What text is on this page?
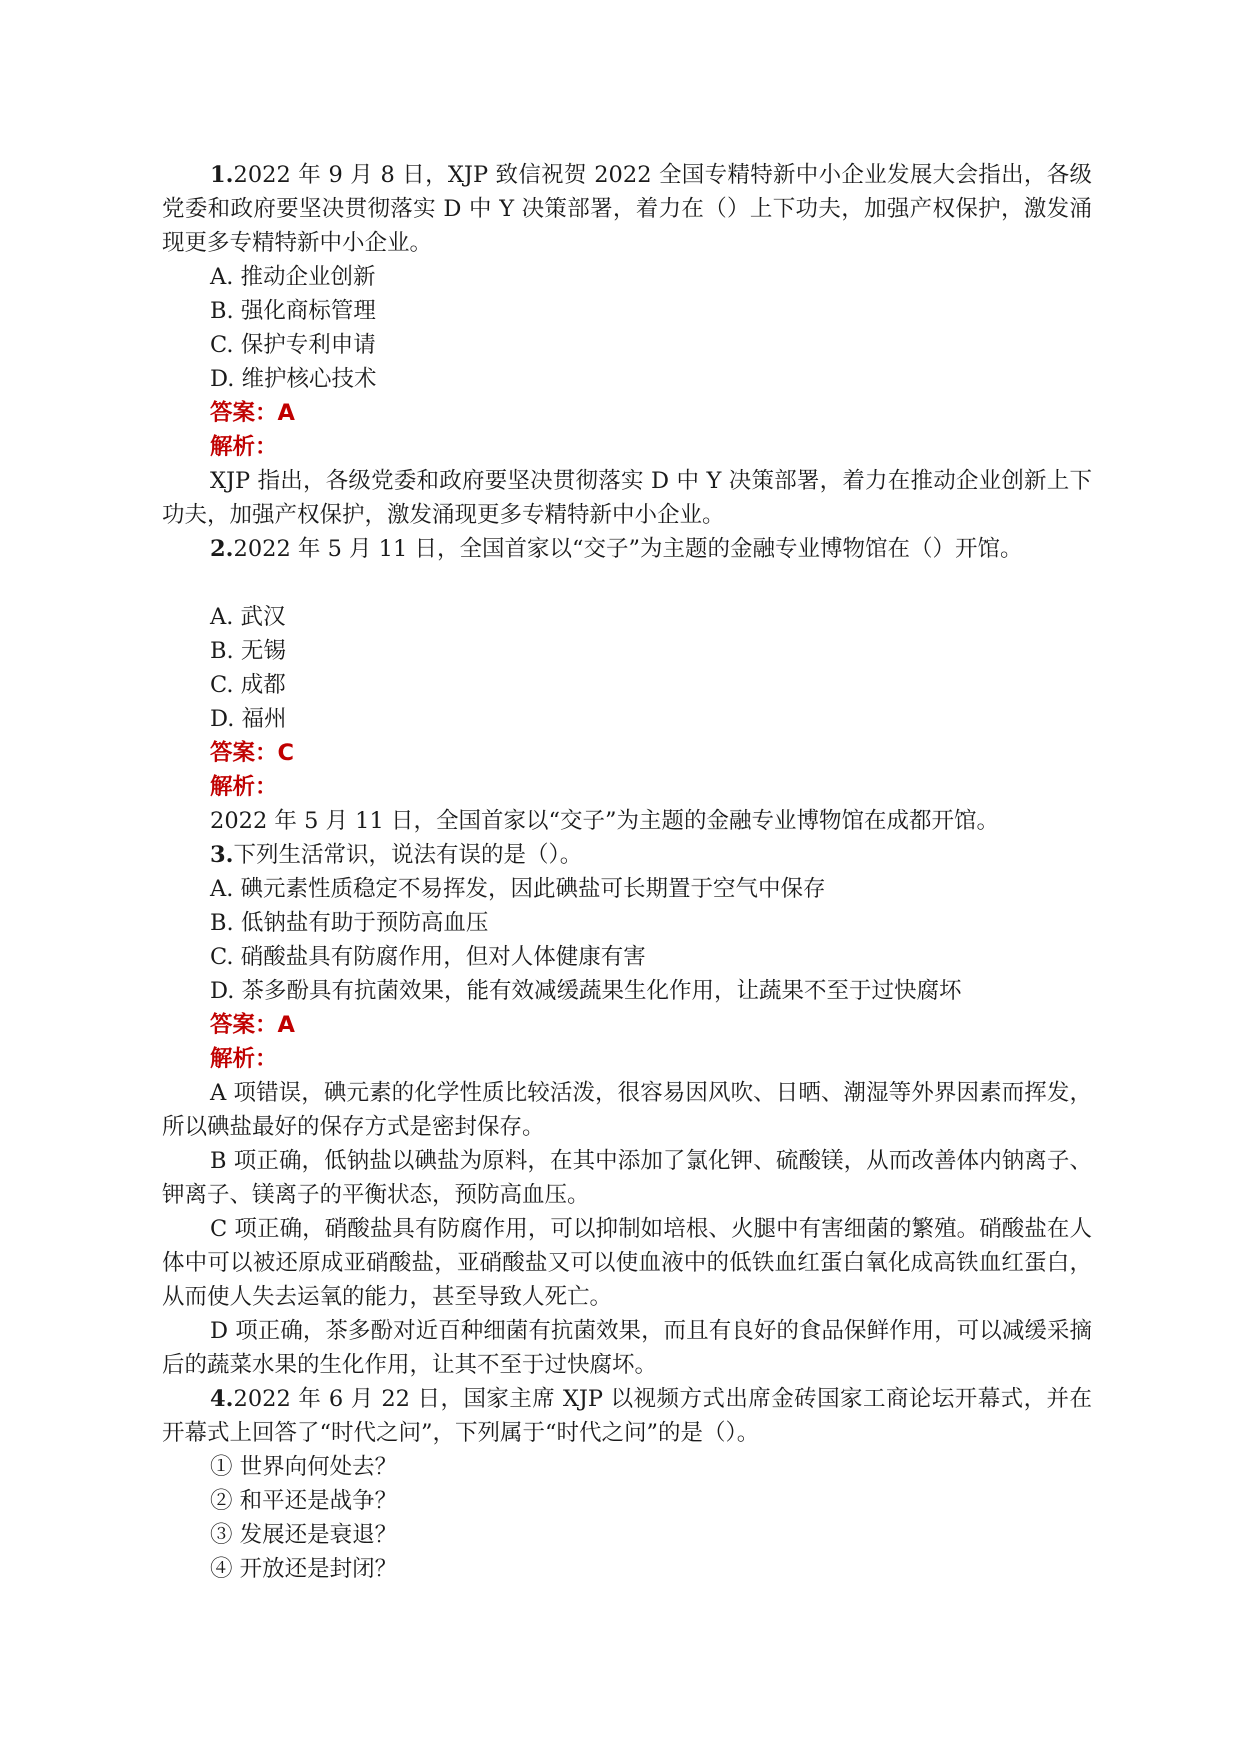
1.2022 年 9 月 8 日，XJP 致信祝贺 2022 全国专精特新中小企业发展大会指出，各级党委和政府要坚决贯彻落实 D 中 Y 决策部署，着力在（）上下功夫，加强产权保护，激发涌现更多专精特新中小企业。

A. 推动企业创新

B. 强化商标管理

C. 保护专利申请

D. 维护核心技术

答案：A

解析：

XJP 指出，各级党委和政府要坚决贯彻落实 D 中 Y 决策部署，着力在推动企业创新上下功夫，加强产权保护，激发涌现更多专精特新中小企业。

2.2022 年 5 月 11 日，全国首家以“交子”为主题的金融专业博物馆在（）开馆。

A. 武汉

B. 无锡

C. 成都

D. 福州

答案：C

解析：

2022 年 5 月 11 日，全国首家以“交子”为主题的金融专业博物馆在成都开馆。

3.下列生活常识，说法有误的是（）。

A. 碘元素性质稳定不易挥发，因此碘盐可长期置于空气中保存

B. 低钠盐有助于预防高血压

C. 硝酸盐具有防腐作用，但对人体健康有害

D. 茶多酚具有抗菌效果，能有效减缓蔬果生化作用，让蔬果不至于过快腐坏

答案：A

解析：

A 项错误，碘元素的化学性质比较活泼，很容易因风吹、日晒、潮湿等外界因素而挥发，所以碘盐最好的保存方式是密封保存。

B 项正确，低钠盐以碘盐为原料，在其中添加了氯化钾、硫酸镁，从而改善体内钠离子、钾离子、镁离子的平衡状态，预防高血压。

C 项正确，硝酸盐具有防腐作用，可以抑制如培根、火腿中有害细菌的繁殖。硝酸盐在人体中可以被还原成亚硝酸盐，亚硝酸盐又可以使血液中的低铁血红蛋白氧化成高铁血红蛋白，从而使人失去运氧的能力，甚至导致人死亡。

D 项正确，茶多酚对近百种细菌有抗菌效果，而且有良好的食品保鲜作用，可以减缓采摘后的蔬菜水果的生化作用，让其不至于过快腐坏。

4.2022 年 6 月 22 日，国家主席 XJP 以视频方式出席金砖国家工商论坛开幕式，并在开幕式上回答了“时代之问”，下列属于“时代之问”的是（）。

① 世界向何处去？

② 和平还是战争？

③ 发展还是衰退？

④ 开放还是封闭？
